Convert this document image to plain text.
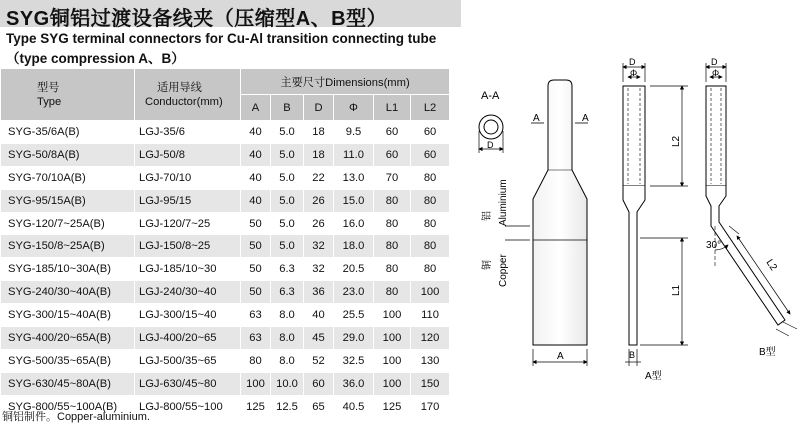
SYG铜铝过渡设备线夹（压缩型A、B型）
Type SYG terminal connectors for Cu-Al transition connecting tube
（type compression A、B）
型号
Type	适用导线
Conductor(mm)	主要尺寸Dimensions(mm)					
		A	B	D	Φ	L1	L2
SYG-35/6A(B)	LGJ-35/6	40	5.0	18	9.5	60	60
SYG-50/8A(B)	LGJ-50/8	40	5.0	18	11.0	60	60
SYG-70/10A(B)	LGJ-70/10	40	5.0	22	13.0	70	80
SYG-95/15A(B)	LGJ-95/15	40	5.0	26	15.0	80	80
SYG-120/7~25A(B)	LGJ-120/7~25	50	5.0	26	16.0	80	80
SYG-150/8~25A(B)	LGJ-150/8~25	50	5.0	32	18.0	80	80
SYG-185/10~30A(B)	LGJ-185/10~30	50	6.3	32	20.5	80	80
SYG-240/30~40A(B)	LGJ-240/30~40	50	6.3	36	23.0	80	100
SYG-300/15~40A(B)	LGJ-300/15~40	63	8.0	40	25.5	100	110
SYG-400/20~65A(B)	LGJ-400/20~65	63	8.0	45	29.0	100	120
SYG-500/35~65A(B)	LGJ-500/35~65	80	8.0	52	32.5	100	130
SYG-630/45~80A(B)	LGJ-630/45~80	100	10.0	60	36.0	100	150
SYG-800/55~100A(B)	LGJ-800/55~100	125	12.5	65	40.5	125	170
铜铝制件。Copper-aluminium.
A-A
D
A	A
A
铝 Aluminium
铜 Copper
D
Φ
L2
L1
B
A型
D
Φ
30°
L2
B型
